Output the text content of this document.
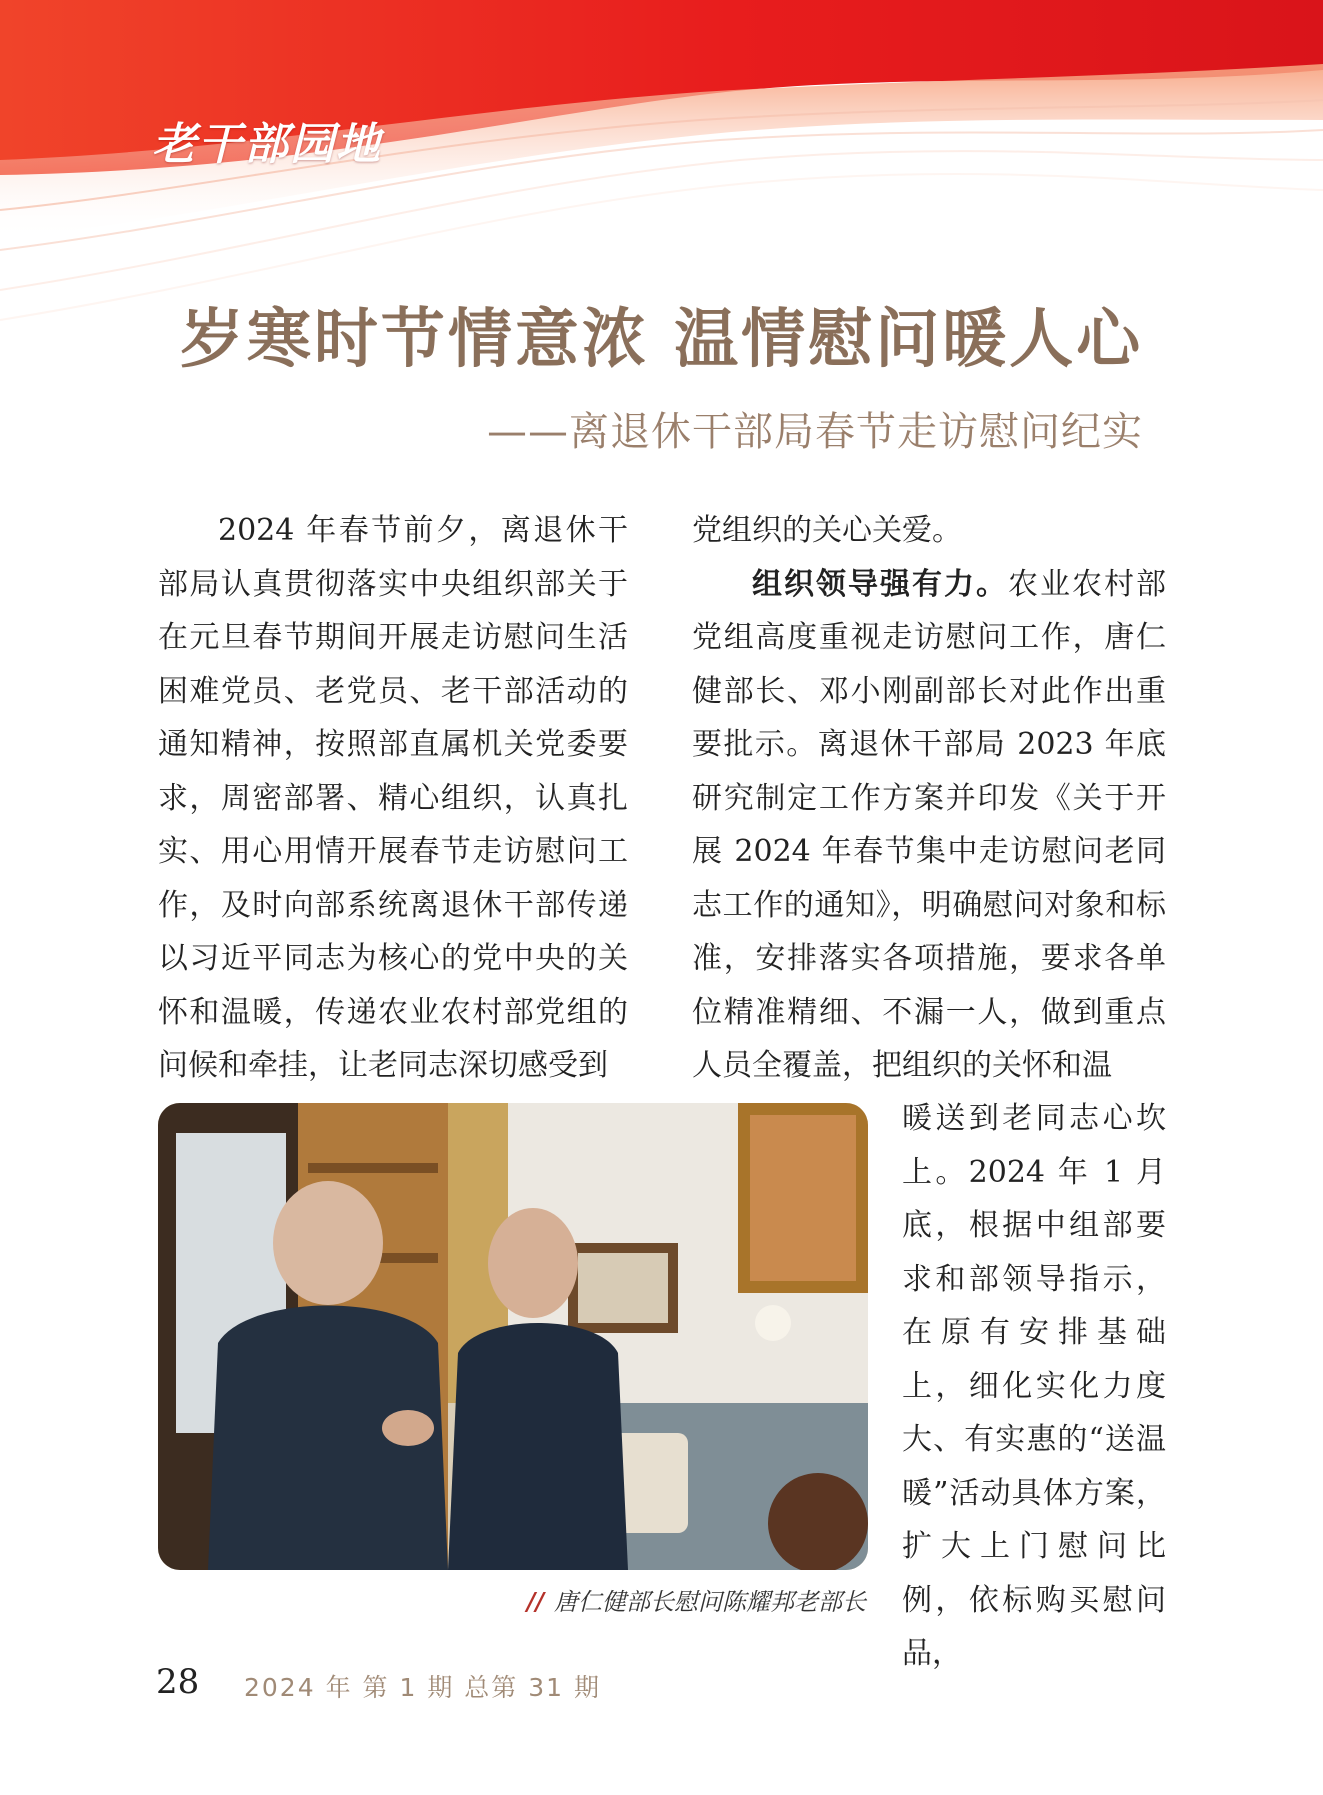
老干部园地
岁寒时节情意浓 温情慰问暖人心
——离退休干部局春节走访慰问纪实

2024 年春节前夕，离退休干部局认真贯彻落实中央组织部关于在元旦春节期间开展走访慰问生活困难党员、老党员、老干部活动的通知精神，按照部直属机关党委要求，周密部署、精心组织，认真扎实、用心用情开展春节走访慰问工作，及时向部系统离退休干部传递以习近平同志为核心的党中央的关怀和温暖，传递农业农村部党组的问候和牵挂，让老同志深切感受到

党组织的关心关爱。

组织领导强有力。农业农村部党组高度重视走访慰问工作，唐仁健部长、邓小刚副部长对此作出重要批示。离退休干部局 2023 年底研究制定工作方案并印发《关于开展 2024 年春节集中走访慰问老同志工作的通知》，明确慰问对象和标准，安排落实各项措施，要求各单位精准精细、不漏一人，做到重点人员全覆盖，把组织的关怀和温

暖送到老同志心坎上。2024 年 1 月底，根据中组部要求和部领导指示，在原有安排基础上，细化实化力度大、有实惠的“送温暖”活动具体方案，扩大上门慰问比例，依标购买慰问品，

// 唐仁健部长慰问陈耀邦老部长
28 2024 年 第 1 期 总第 31 期
